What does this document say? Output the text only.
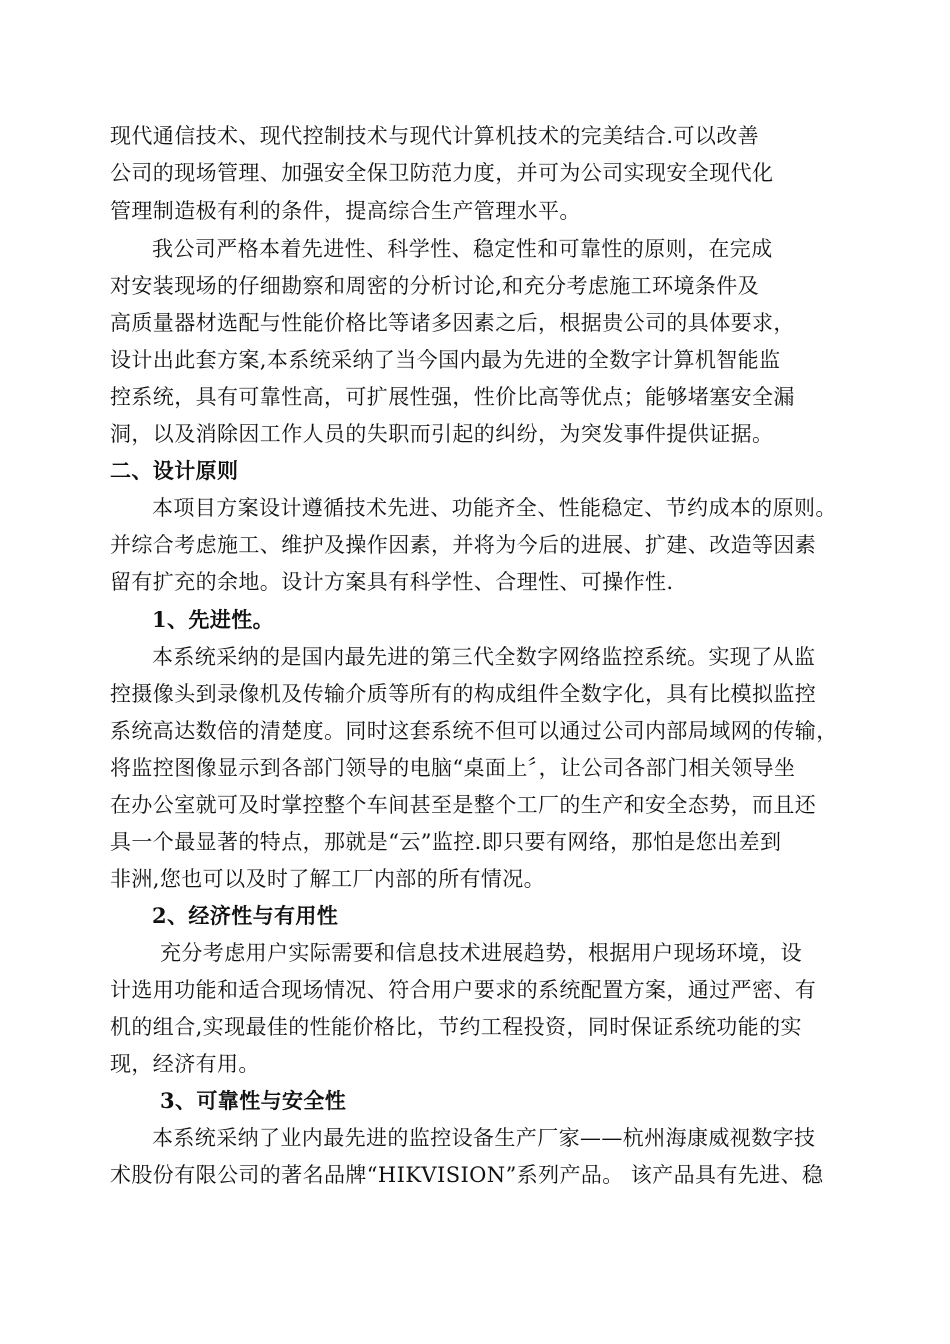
现代通信技术、现代控制技术与现代计算机技术的完美结合.可以改善
公司的现场管理、加强安全保卫防范力度，并可为公司实现安全现代化
管理制造极有利的条件，提高综合生产管理水平。
我公司严格本着先进性、科学性、稳定性和可靠性的原则，在完成
对安装现场的仔细勘察和周密的分析讨论,和充分考虑施工环境条件及
高质量器材选配与性能价格比等诸多因素之后，根据贵公司的具体要求，
设计出此套方案,本系统采纳了当今国内最为先进的全数字计算机智能监
控系统，具有可靠性高，可扩展性强，性价比高等优点；能够堵塞安全漏
洞，以及消除因工作人员的失职而引起的纠纷，为突发事件提供证据。
二、设计原则
本项目方案设计遵循技术先进、功能齐全、性能稳定、节约成本的原则。
并综合考虑施工、维护及操作因素，并将为今后的进展、扩建、改造等因素
留有扩充的余地。设计方案具有科学性、合理性、可操作性.
1、先进性。
本系统采纳的是国内最先进的第三代全数字网络监控系统。实现了从监
控摄像头到录像机及传输介质等所有的构成组件全数字化，具有比模拟监控
系统高达数倍的清楚度。同时这套系统不但可以通过公司内部局域网的传输，
将监控图像显示到各部门领导的电脑“桌面上〞，让公司各部门相关领导坐
在办公室就可及时掌控整个车间甚至是整个工厂的生产和安全态势，而且还
具一个最显著的特点，那就是“云”监控.即只要有网络，那怕是您出差到
非洲,您也可以及时了解工厂内部的所有情况。
2、经济性与有用性
充分考虑用户实际需要和信息技术进展趋势，根据用户现场环境，设
计选用功能和适合现场情况、符合用户要求的系统配置方案，通过严密、有
机的组合,实现最佳的性能价格比，节约工程投资，同时保证系统功能的实
现，经济有用。
3、可靠性与安全性
本系统采纳了业内最先进的监控设备生产厂家——杭州海康威视数字技
术股份有限公司的著名品牌“HIKVISION”系列产品。 该产品具有先进、稳
